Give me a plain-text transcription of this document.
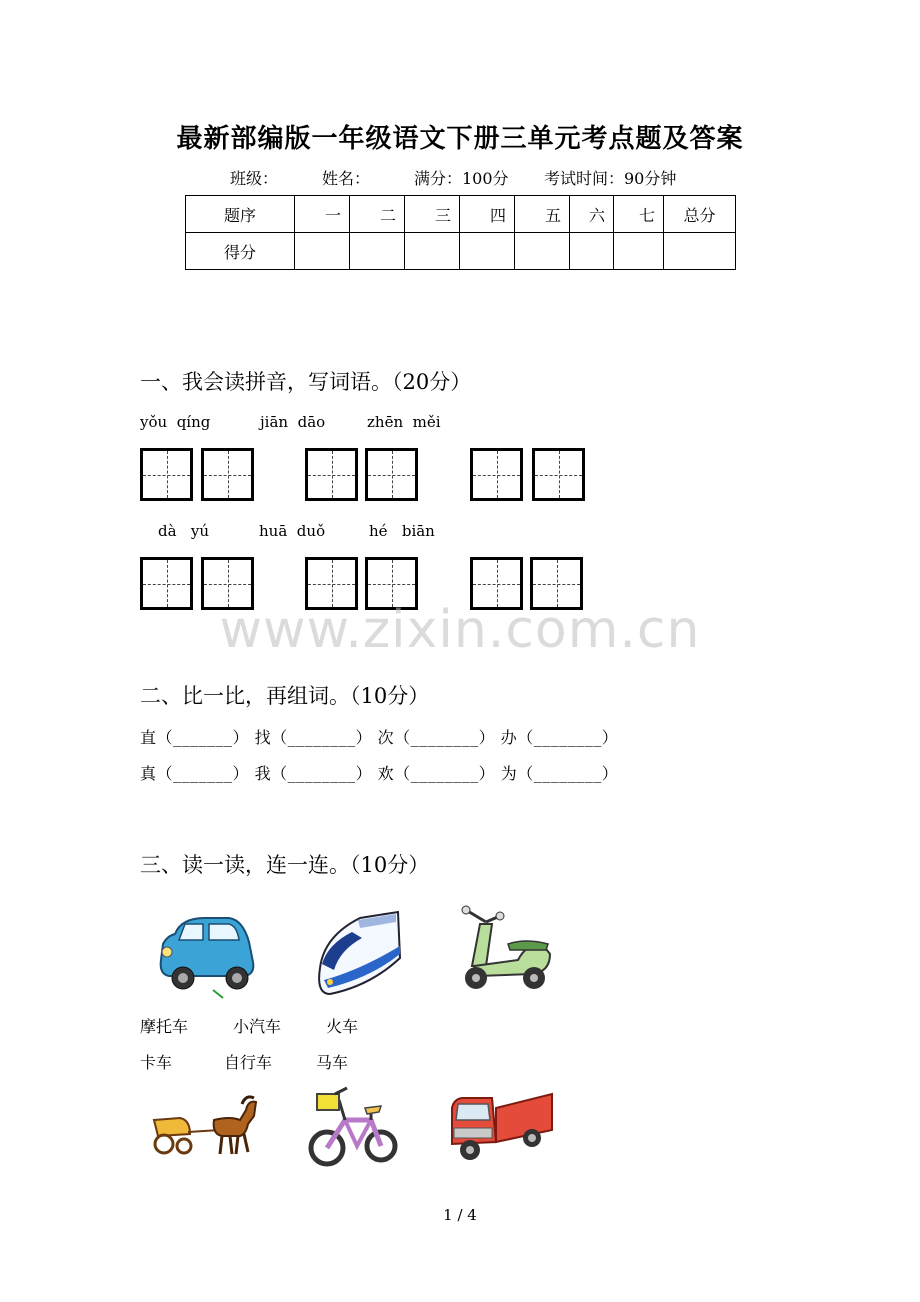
最新部编版一年级语文下册三单元考点题及答案
班级：	姓名：	满分：100分 考试时间：90分钟
题序	一	二	三	四	五	六	七	总分
得分								
一、我会读拼音，写词语。（20分）
yǒu  qíng	jiān  dāo	zhēn  měi
dà   yú	huā  duǒ	hé   biān
www.zixin.com.cn
二、比一比，再组词。（10分）
直（_______） 找（________） 次（________） 办（________）
真（_______） 我（________） 欢（________） 为（________）
三、读一读，连一连。（10分）
摩托车	小汽车	火车
卡车	自行车	马车
1 / 4
